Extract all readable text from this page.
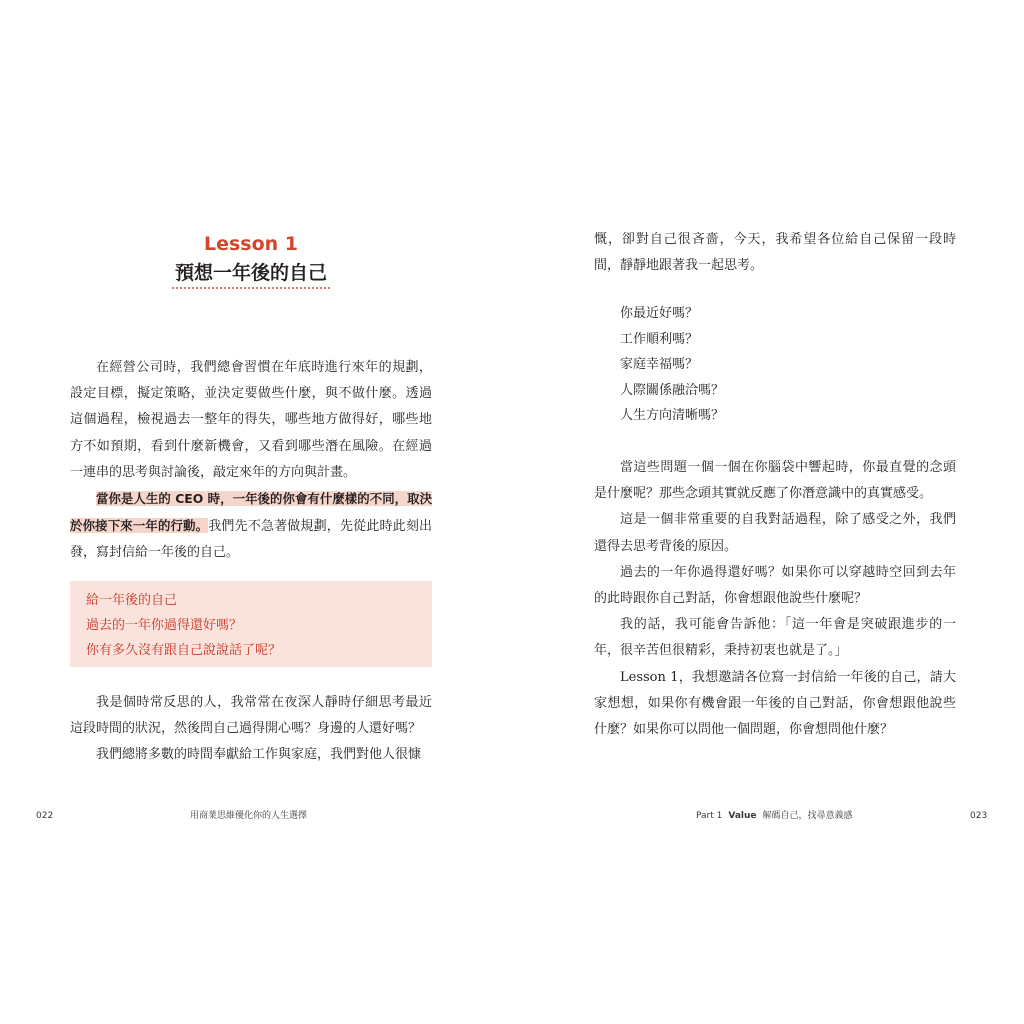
Lesson 1
預想一年後的自己

在經營公司時，我們總會習慣在年底時進行來年的規劃，設定目標，擬定策略，並決定要做些什麼，與不做什麼。透過這個過程，檢視過去一整年的得失，哪些地方做得好，哪些地方不如預期，看到什麼新機會，又看到哪些潛在風險。在經過一連串的思考與討論後，敲定來年的方向與計畫。

當你是人生的 CEO 時，一年後的你會有什麼樣的不同，取決於你接下來一年的行動。我們先不急著做規劃，先從此時此刻出發，寫封信給一年後的自己。

給一年後的自己

過去的一年你過得還好嗎？

你有多久沒有跟自己說說話了呢？

我是個時常反思的人，我常常在夜深人靜時仔細思考最近這段時間的狀況，然後問自己過得開心嗎？身邊的人還好嗎？

我們總將多數的時間奉獻給工作與家庭，我們對他人很慷

022	用商業思維優化你的人生選擇

慨，卻對自己很吝嗇，今天，我希望各位給自己保留一段時間，靜靜地跟著我一起思考。

你最近好嗎？

工作順利嗎？

家庭幸福嗎？

人際關係融洽嗎？

人生方向清晰嗎？

當這些問題一個一個在你腦袋中響起時，你最直覺的念頭是什麼呢？那些念頭其實就反應了你潛意識中的真實感受。

這是一個非常重要的自我對話過程，除了感受之外，我們還得去思考背後的原因。

過去的一年你過得還好嗎？如果你可以穿越時空回到去年的此時跟你自己對話，你會想跟他說些什麼呢？

我的話，我可能會告訴他：「這一年會是突破跟進步的一年，很辛苦但很精彩，秉持初衷也就是了。」

Lesson 1，我想邀請各位寫一封信給一年後的自己，請大家想想，如果你有機會跟一年後的自己對話，你會想跟他說些什麼？如果你可以問他一個問題，你會想問他什麼？

Part 1 Value 解碼自己，找尋意義感	023
